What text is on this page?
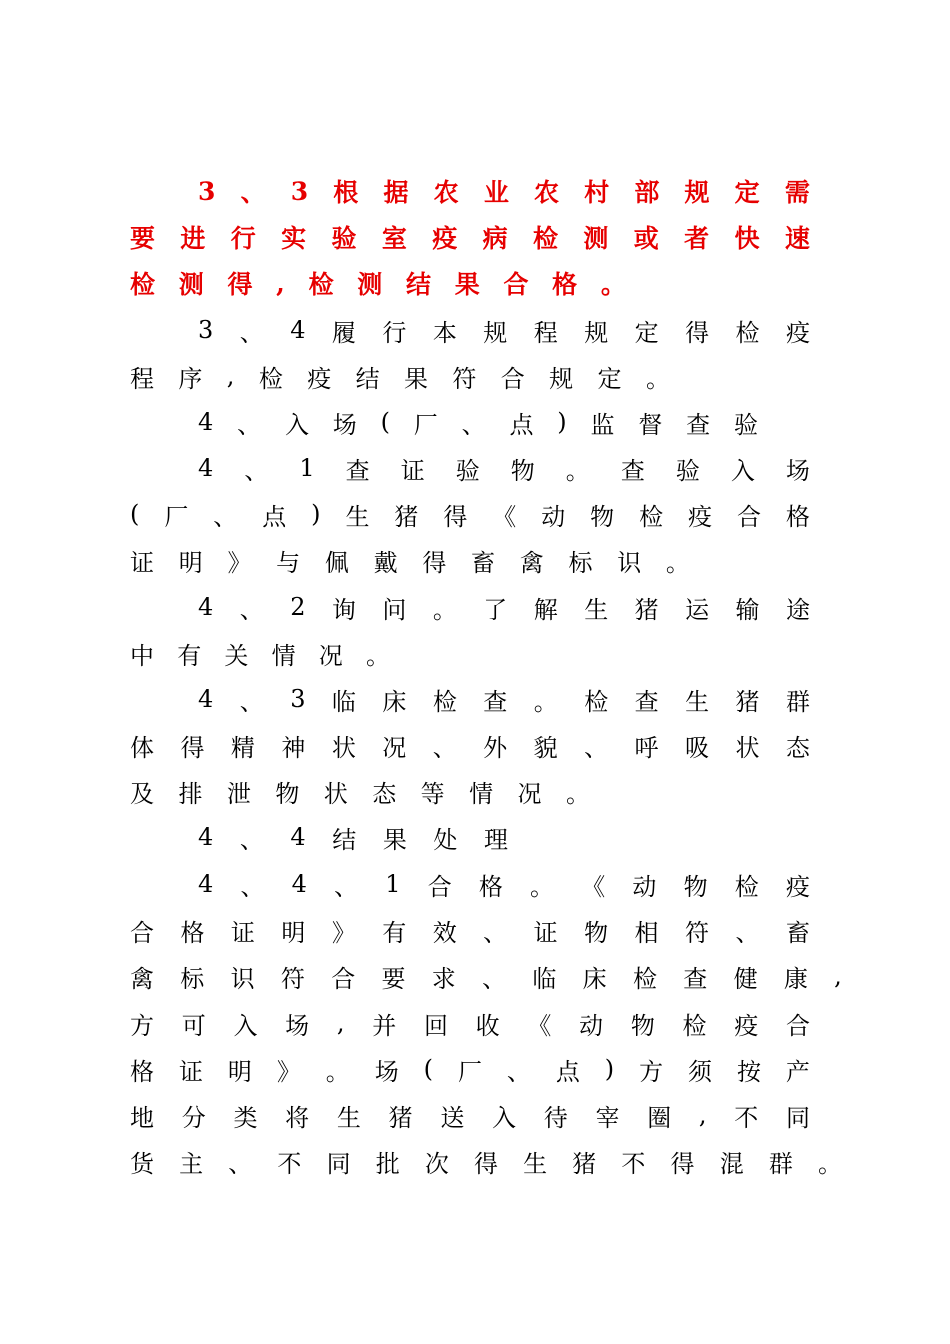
3 、 3 根 据 农 业 农 村 部 规 定 需
要 进 行 实 验 室 疫 病 检 测 或 者 快 速
检 测 得 , 检 测 结 果 合 格 。
3 、 4 履 行 本 规 程 规 定 得 检 疫
程 序 , 检 疫 结 果 符 合 规 定 。
4 、 入 场 ( 厂 、 点 ) 监 督 查 验
4 、 1 查 证 验 物 。 查 验 入 场
( 厂 、 点 ) 生 猪 得 《 动 物 检 疫 合 格
证 明 》 与 佩 戴 得 畜 禽 标 识 。
4 、 2 询 问 。 了 解 生 猪 运 输 途
中 有 关 情 况 。
4 、 3 临 床 检 查 。 检 查 生 猪 群
体 得 精 神 状 况 、 外 貌 、 呼 吸 状 态
及 排 泄 物 状 态 等 情 况 。
4 、 4 结 果 处 理
4 、 4 、 1 合 格 。 《 动 物 检 疫
合 格 证 明 》 有 效 、 证 物 相 符 、 畜
禽 标 识 符 合 要 求 、 临 床 检 查 健 康 ,
方 可 入 场 , 并 回 收 《 动 物 检 疫 合
格 证 明 》 。 场 ( 厂 、 点 ) 方 须 按 产
地 分 类 将 生 猪 送 入 待 宰 圈 , 不 同
货 主 、 不 同 批 次 得 生 猪 不 得 混 群 。
